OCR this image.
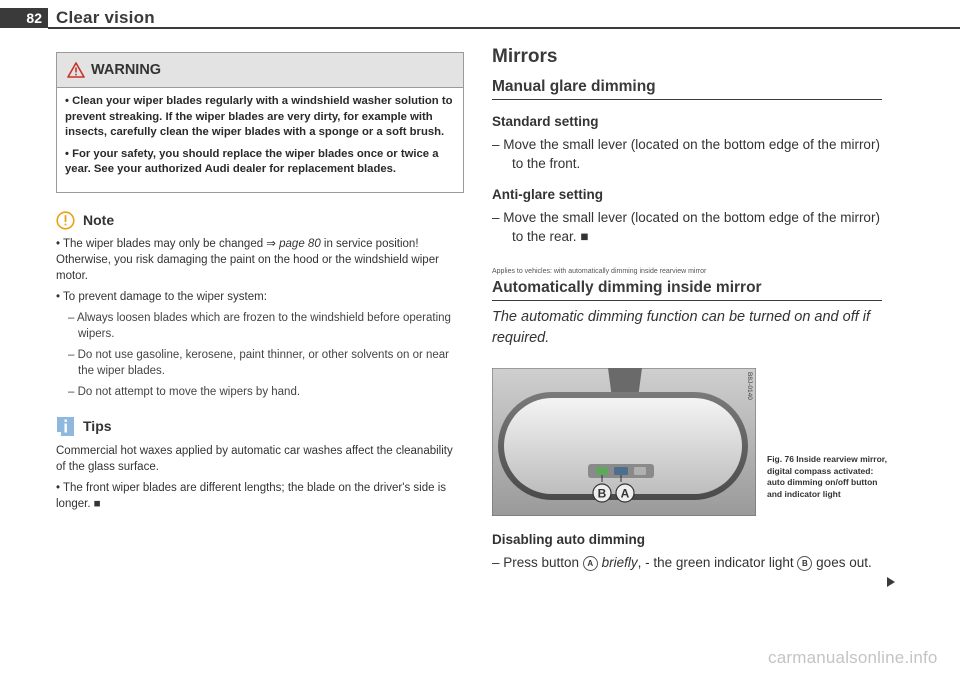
82 Clear vision
WARNING

• Clean your wiper blades regularly with a windshield washer solution to prevent streaking. If the wiper blades are very dirty, for example with insects, carefully clean the wiper blades with a sponge or a soft brush.

• For your safety, you should replace the wiper blades once or twice a year. See your authorized Audi dealer for replacement blades.

Note

• The wiper blades may only be changed ⇒ page 80 in service position! Otherwise, you risk damaging the paint on the hood or the windshield wiper motor.

• To prevent damage to the wiper system:

– Always loosen blades which are frozen to the windshield before operating wipers.

– Do not use gasoline, kerosene, paint thinner, or other solvents on or near the wiper blades.

– Do not attempt to move the wipers by hand.

Tips

Commercial hot waxes applied by automatic car washes affect the cleanability of the glass surface.

• The front wiper blades are different lengths; the blade on the driver's side is longer. ■

Mirrors
Manual glare dimming
Standard setting

– Move the small lever (located on the bottom edge of the mirror) to the front.

Anti-glare setting

– Move the small lever (located on the bottom edge of the mirror) to the rear. ■

Applies to vehicles: with automatically dimming inside rearview mirror
Automatically dimming inside mirror

The automatic dimming function can be turned on and off if required.

B A
B8J-0140
Fig. 76 Inside rearview mirror, digital compass activated: auto dimming on/off button and indicator light
Disabling auto dimming

– Press button A briefly, - the green indicator light B goes out.

carmanualsonline.info
